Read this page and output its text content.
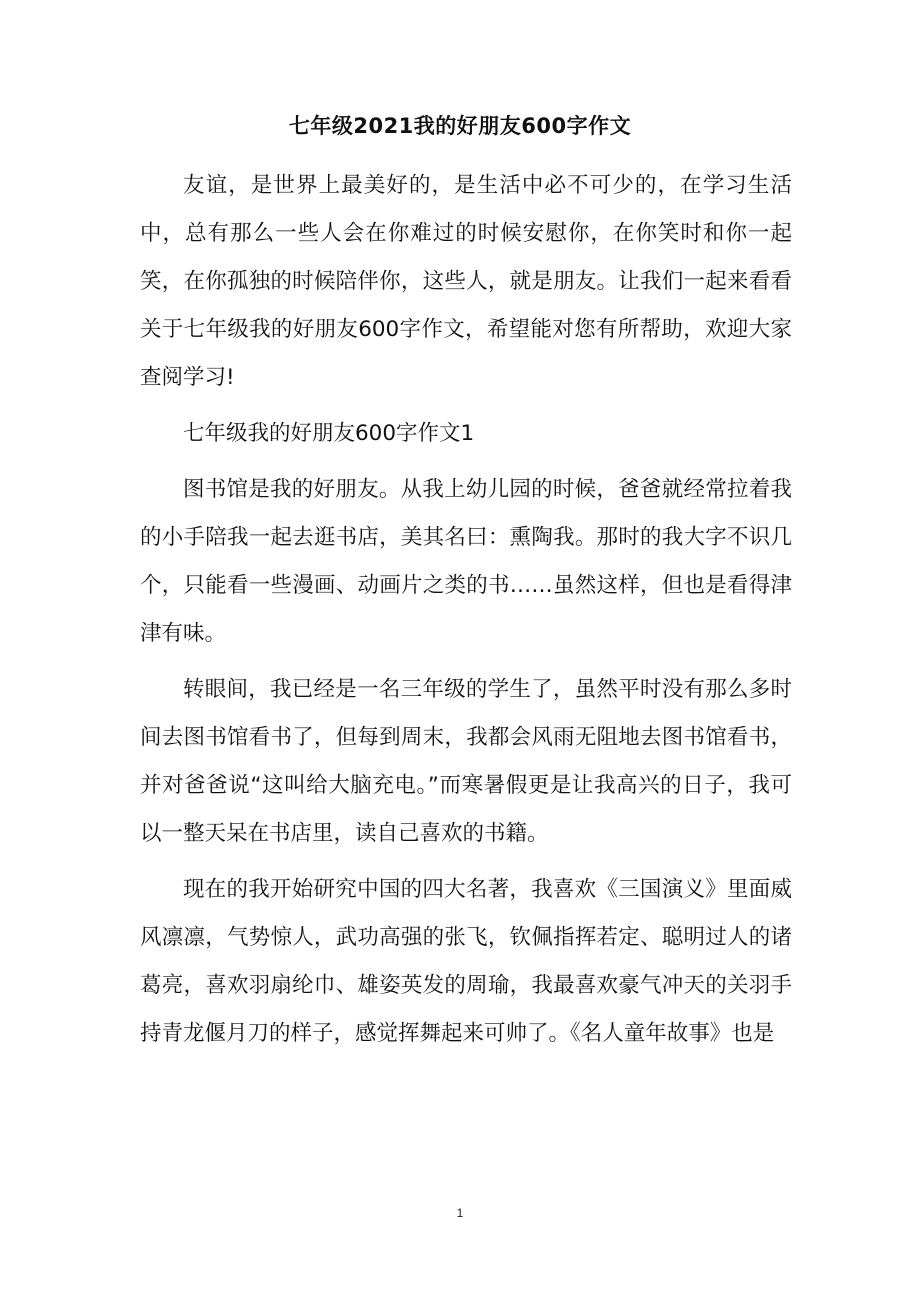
七年级2021我的好朋友600字作文

友谊，是世界上最美好的，是生活中必不可少的，在学习生活中，总有那么一些人会在你难过的时候安慰你，在你笑时和你一起笑，在你孤独的时候陪伴你，这些人，就是朋友。让我们一起来看看关于七年级我的好朋友600字作文，希望能对您有所帮助，欢迎大家查阅学习!

七年级我的好朋友600字作文1

图书馆是我的好朋友。从我上幼儿园的时候，爸爸就经常拉着我的小手陪我一起去逛书店，美其名曰：熏陶我。那时的我大字不识几个，只能看一些漫画、动画片之类的书……虽然这样，但也是看得津津有味。

转眼间，我已经是一名三年级的学生了，虽然平时没有那么多时间去图书馆看书了，但每到周末，我都会风雨无阻地去图书馆看书，并对爸爸说“这叫给大脑充电。”而寒暑假更是让我高兴的日子，我可以一整天呆在书店里，读自己喜欢的书籍。

现在的我开始研究中国的四大名著，我喜欢《三国演义》里面威风凛凛，气势惊人，武功高强的张飞，钦佩指挥若定、聪明过人的诸葛亮，喜欢羽扇纶巾、雄姿英发的周瑜，我最喜欢豪气冲天的关羽手持青龙偃月刀的样子，感觉挥舞起来可帅了。《名人童年故事》也是

1
